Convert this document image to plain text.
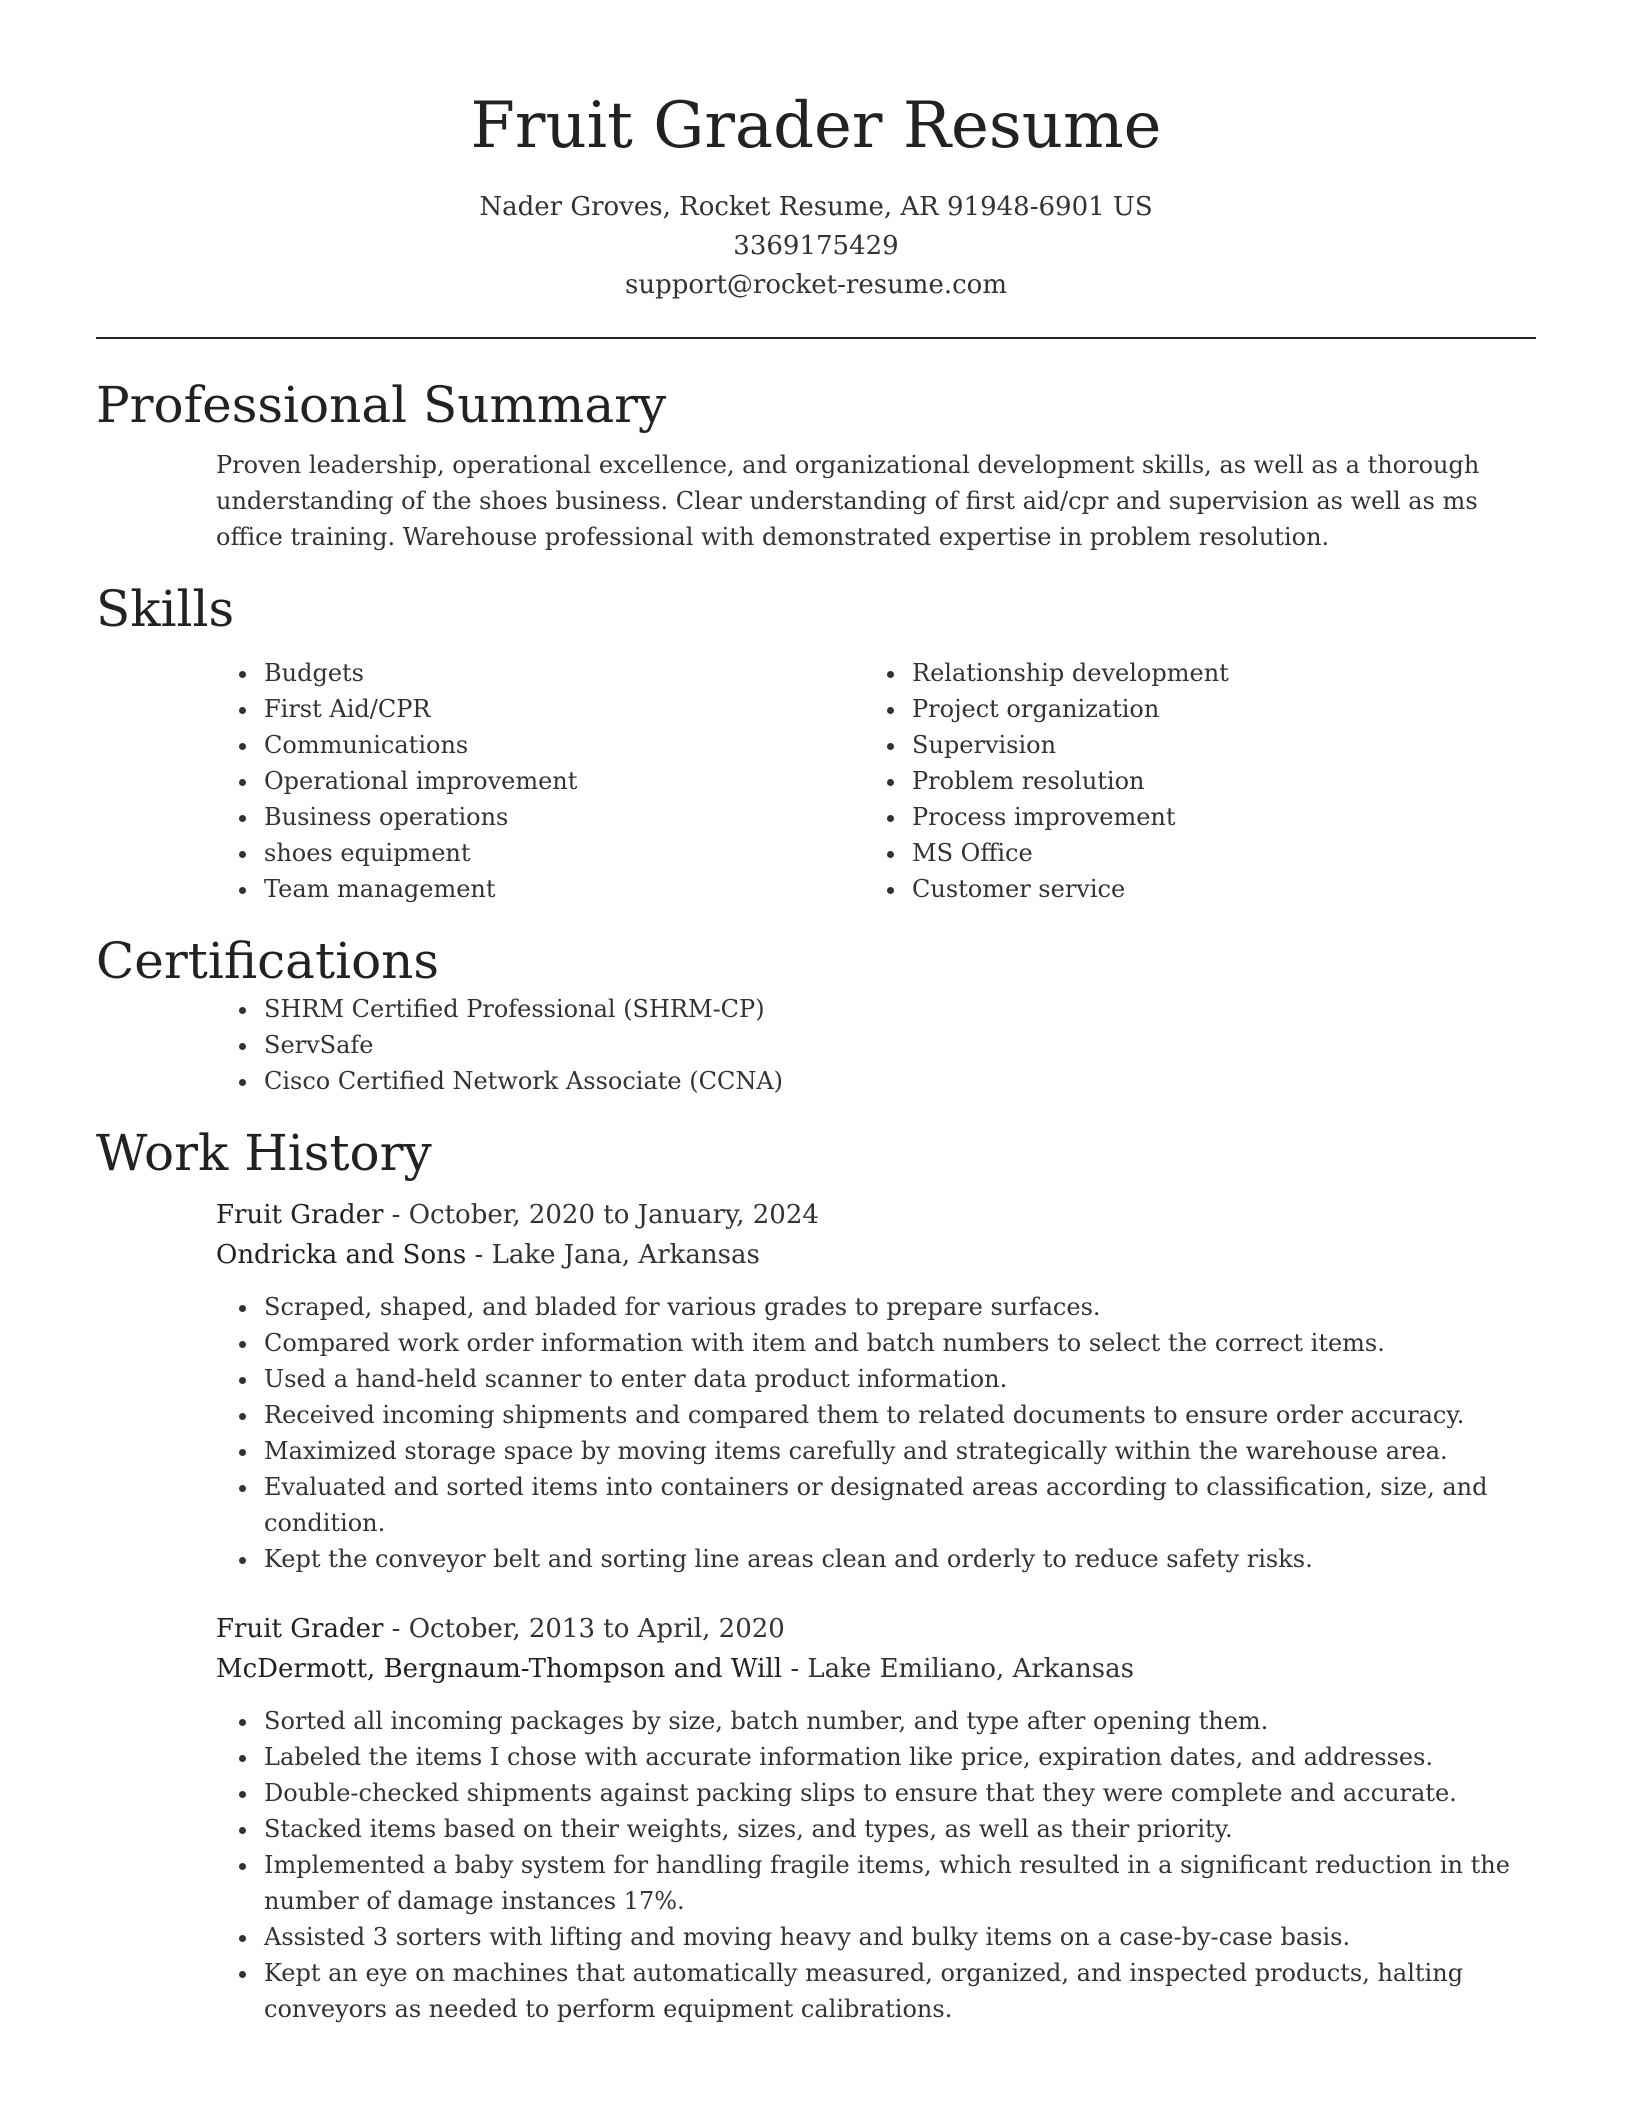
Fruit Grader Resume
Nader Groves, Rocket Resume, AR 91948-6901 US
3369175429
support@rocket-resume.com
Professional Summary

Proven leadership, operational excellence, and organizational development skills, as well as a thorough understanding of the shoes business. Clear understanding of first aid/cpr and supervision as well as ms office training. Warehouse professional with demonstrated expertise in problem resolution.

Skills
• Budgets
• First Aid/CPR
• Communications
• Operational improvement
• Business operations
• shoes equipment
• Team management
• Relationship development
• Project organization
• Supervision
• Problem resolution
• Process improvement
• MS Office
• Customer service
Certifications
• SHRM Certified Professional (SHRM-CP)
• ServSafe
• Cisco Certified Network Associate (CCNA)
Work History
Fruit Grader - October, 2020 to January, 2024
Ondricka and Sons - Lake Jana, Arkansas
• Scraped, shaped, and bladed for various grades to prepare surfaces.
• Compared work order information with item and batch numbers to select the correct items.
• Used a hand-held scanner to enter data product information.
• Received incoming shipments and compared them to related documents to ensure order accuracy.
• Maximized storage space by moving items carefully and strategically within the warehouse area.
• Evaluated and sorted items into containers or designated areas according to classification, size, and condition.
• Kept the conveyor belt and sorting line areas clean and orderly to reduce safety risks.
Fruit Grader - October, 2013 to April, 2020
McDermott, Bergnaum-Thompson and Will - Lake Emiliano, Arkansas
• Sorted all incoming packages by size, batch number, and type after opening them.
• Labeled the items I chose with accurate information like price, expiration dates, and addresses.
• Double-checked shipments against packing slips to ensure that they were complete and accurate.
• Stacked items based on their weights, sizes, and types, as well as their priority.
• Implemented a baby system for handling fragile items, which resulted in a significant reduction in the number of damage instances 17%.
• Assisted 3 sorters with lifting and moving heavy and bulky items on a case-by-case basis.
• Kept an eye on machines that automatically measured, organized, and inspected products, halting conveyors as needed to perform equipment calibrations.
